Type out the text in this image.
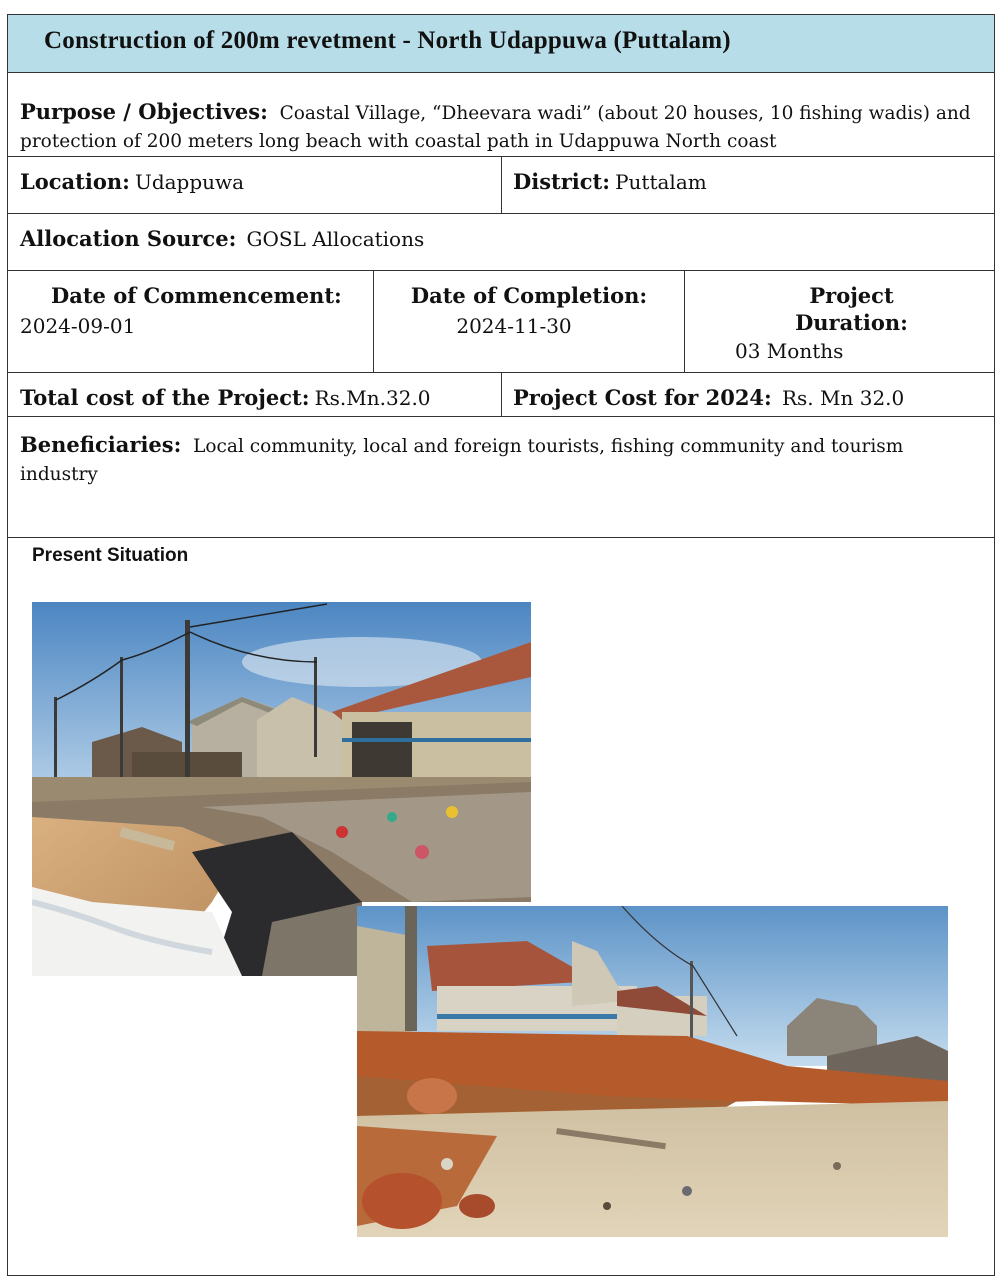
Construction of 200m revetment - North Udappuwa (Puttalam)

Purpose / Objectives: Coastal Village, “Dheevara wadi” (about 20 houses, 10 fishing wadis) and protection of 200 meters long beach with coastal path in Udappuwa North coast

Location: Udappuwa	District: Puttalam
Allocation Source: GOSL Allocations
Date of Commencement:
2024-09-01
Date of Completion:
2024-11-30
Project
Duration:
03 Months
Total cost of the Project: Rs.Mn.32.0	Project Cost for 2024: Rs. Mn 32.0

Beneficiaries: Local community, local and foreign tourists, fishing community and tourism industry

Present Situation
